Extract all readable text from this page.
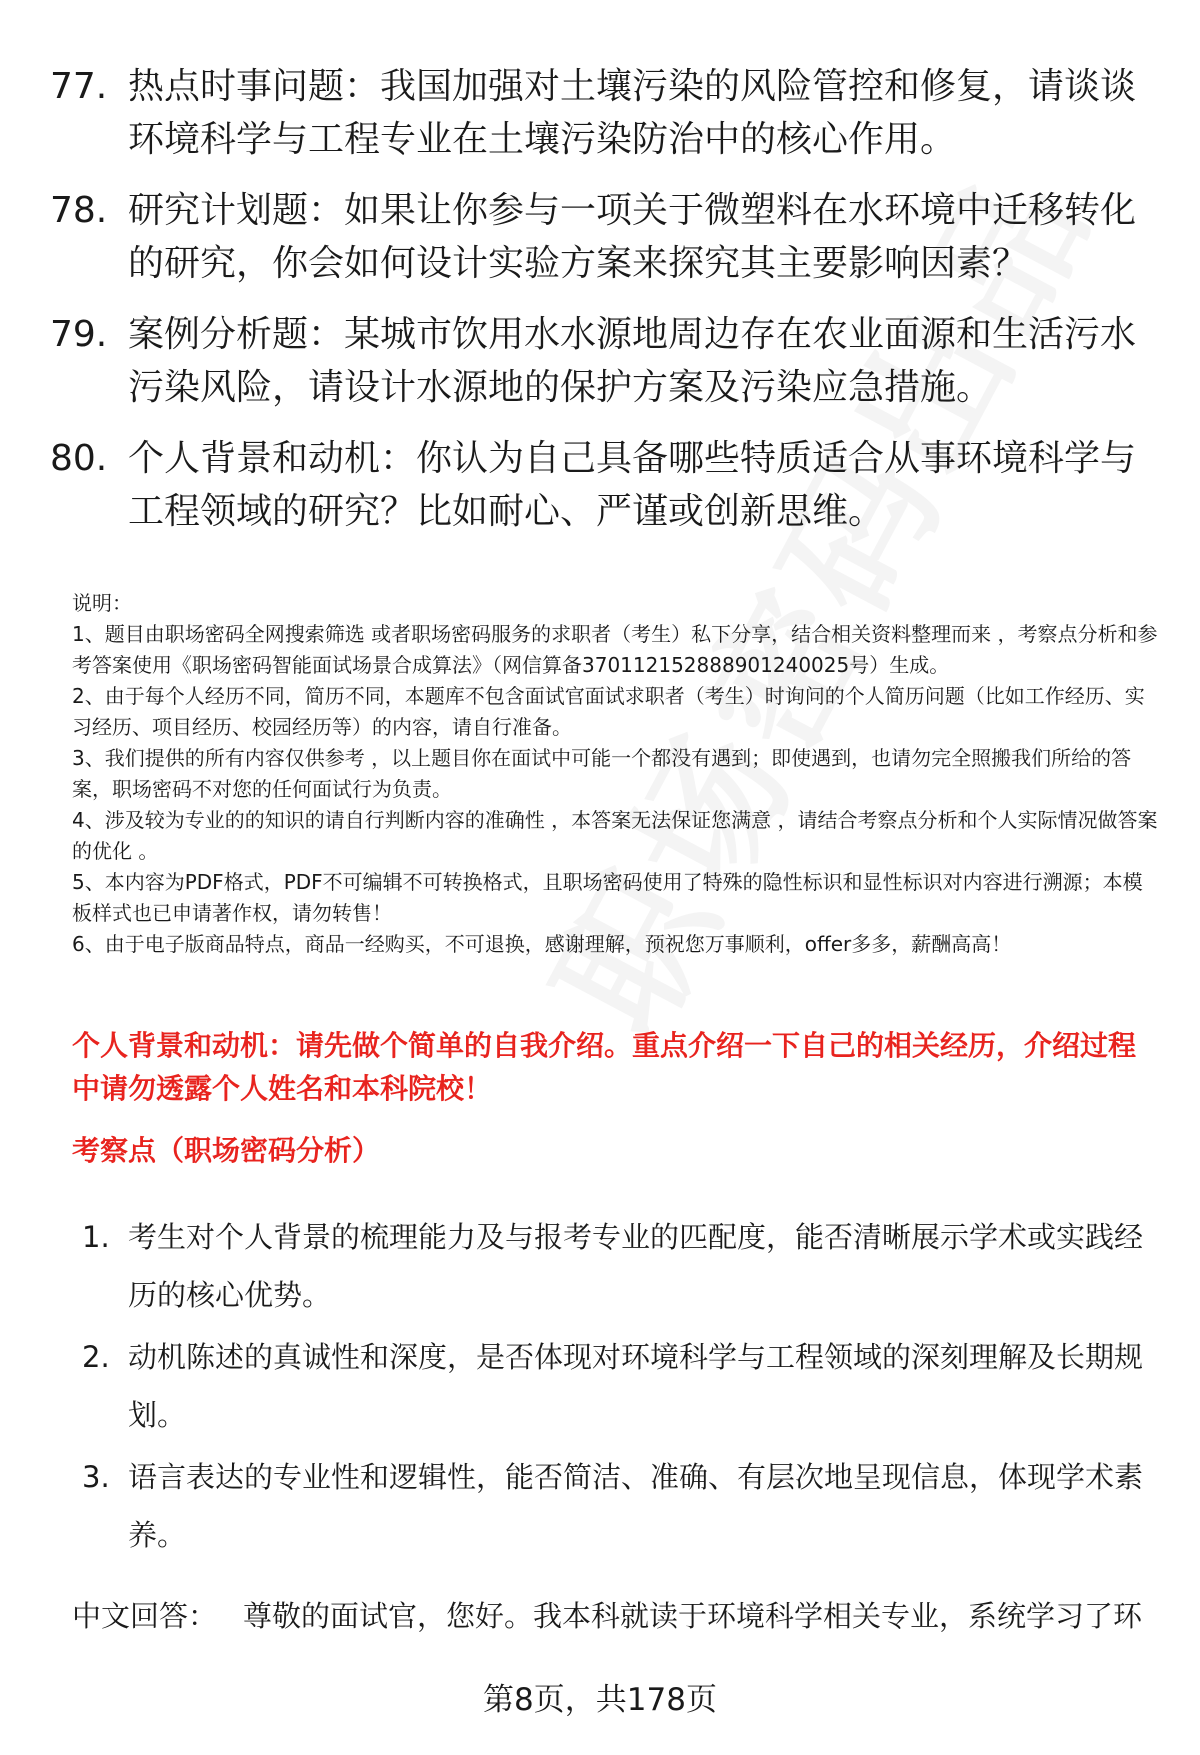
77. 热点时事问题：我国加强对土壤污染的风险管控和修复，请谈谈环境科学与工程专业在土壤污染防治中的核心作用。
78. 研究计划题：如果让你参与一项关于微塑料在水环境中迁移转化的研究，你会如何设计实验方案来探究其主要影响因素？
79. 案例分析题：某城市饮用水水源地周边存在农业面源和生活污水污染风险，请设计水源地的保护方案及污染应急措施。
80. 个人背景和动机：你认为自己具备哪些特质适合从事环境科学与工程领域的研究？比如耐心、严谨或创新思维。

说明：

1、题目由职场密码全网搜索筛选 或者职场密码服务的求职者（考生）私下分享，结合相关资料整理而来 ，考察点分析和参考答案使用《职场密码智能面试场景合成算法》（网信算备370112152888901240025号）生成。

2、由于每个人经历不同，简历不同，本题库不包含面试官面试求职者（考生）时询问的个人简历问题（比如工作经历、实习经历、项目经历、校园经历等）的内容，请自行准备。

3、我们提供的所有内容仅供参考 ，以上题目你在面试中可能一个都没有遇到；即使遇到，也请勿完全照搬我们所给的答案，职场密码不对您的任何面试行为负责。

4、涉及较为专业的的知识的请自行判断内容的准确性 ，本答案无法保证您满意 ，请结合考察点分析和个人实际情况做答案的优化 。

5、本内容为PDF格式，PDF不可编辑不可转换格式，且职场密码使用了特殊的隐性标识和显性标识对内容进行溯源；本模板样式也已申请著作权，请勿转售！

6、由于电子版商品特点，商品一经购买，不可退换，感谢理解，预祝您万事顺利，offer多多，薪酬高高！

个人背景和动机：请先做个简单的自我介绍。重点介绍一下自己的相关经历，介绍过程中请勿透露个人姓名和本科院校！
考察点（职场密码分析）
1. 考生对个人背景的梳理能力及与报考专业的匹配度，能否清晰展示学术或实践经历的核心优势。
2. 动机陈述的真诚性和深度，是否体现对环境科学与工程领域的深刻理解及长期规划。
3. 语言表达的专业性和逻辑性，能否简洁、准确、有层次地呈现信息，体现学术素养。
中文回答： 尊敬的面试官，您好。我本科就读于环境科学相关专业，系统学习了环
第8页，共178页
